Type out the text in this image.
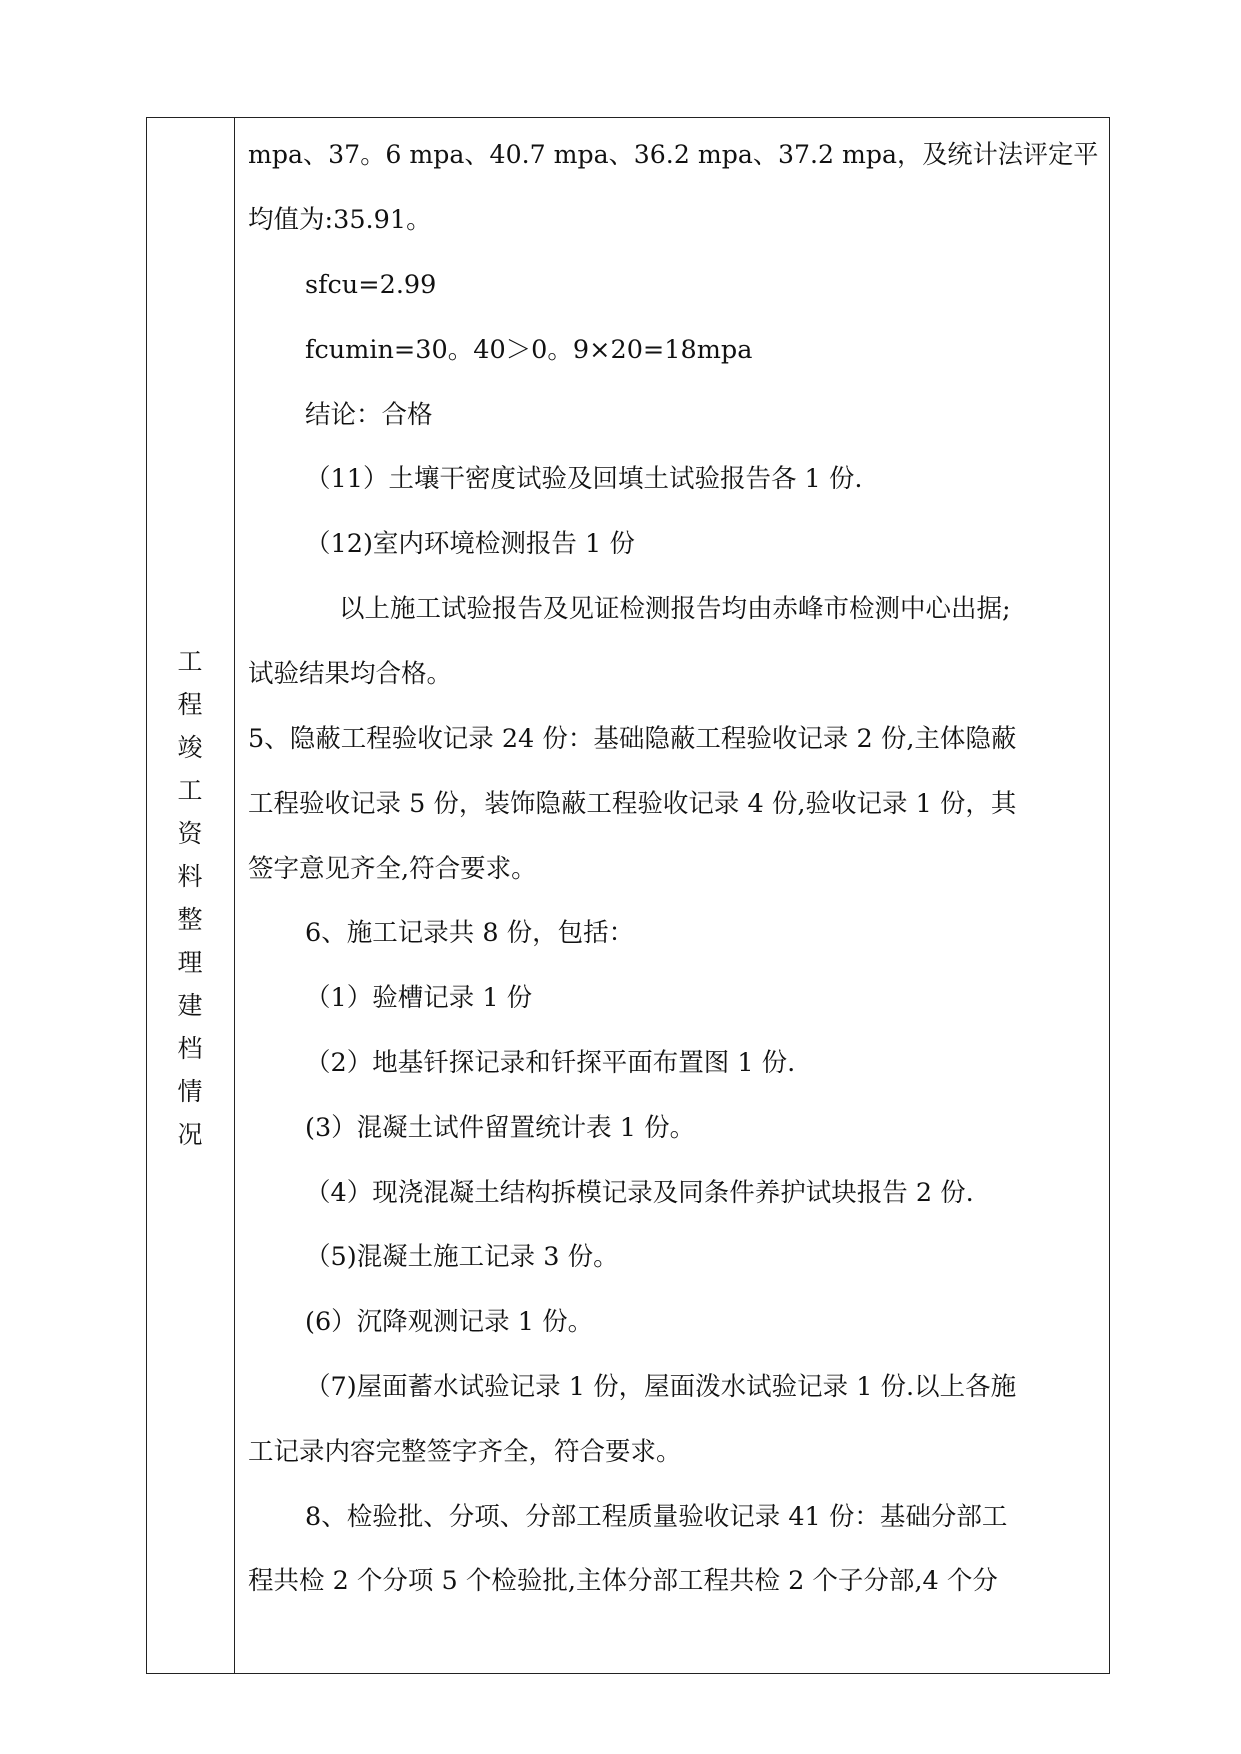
工
程
竣
工
资
料
整
理
建
档
情
况
mpa、37。6 mpa、40.7 mpa、36.2 mpa、37.2 mpa，及统计法评定平
均值为:35.91。
sfcu=2.99
fcumin=30。40＞0。9×20=18mpa
结论：合格
（11）土壤干密度试验及回填土试验报告各 1 份.
（12)室内环境检测报告 1 份
以上施工试验报告及见证检测报告均由赤峰市检测中心出据;
试验结果均合格。
5、隐蔽工程验收记录 24 份：基础隐蔽工程验收记录 2 份,主体隐蔽
工程验收记录 5 份，装饰隐蔽工程验收记录 4 份,验收记录 1 份，其
签字意见齐全,符合要求。
6、施工记录共 8 份，包括：
（1）验槽记录 1 份
（2）地基钎探记录和钎探平面布置图 1 份.
(3）混凝土试件留置统计表 1 份。
（4）现浇混凝土结构拆模记录及同条件养护试块报告 2 份.
（5)混凝土施工记录 3 份。
(6）沉降观测记录 1 份。
（7)屋面蓄水试验记录 1 份，屋面泼水试验记录 1 份.以上各施
工记录内容完整签字齐全，符合要求。
8、检验批、分项、分部工程质量验收记录 41 份：基础分部工
程共检 2 个分项 5 个检验批,主体分部工程共检 2 个子分部,4 个分
